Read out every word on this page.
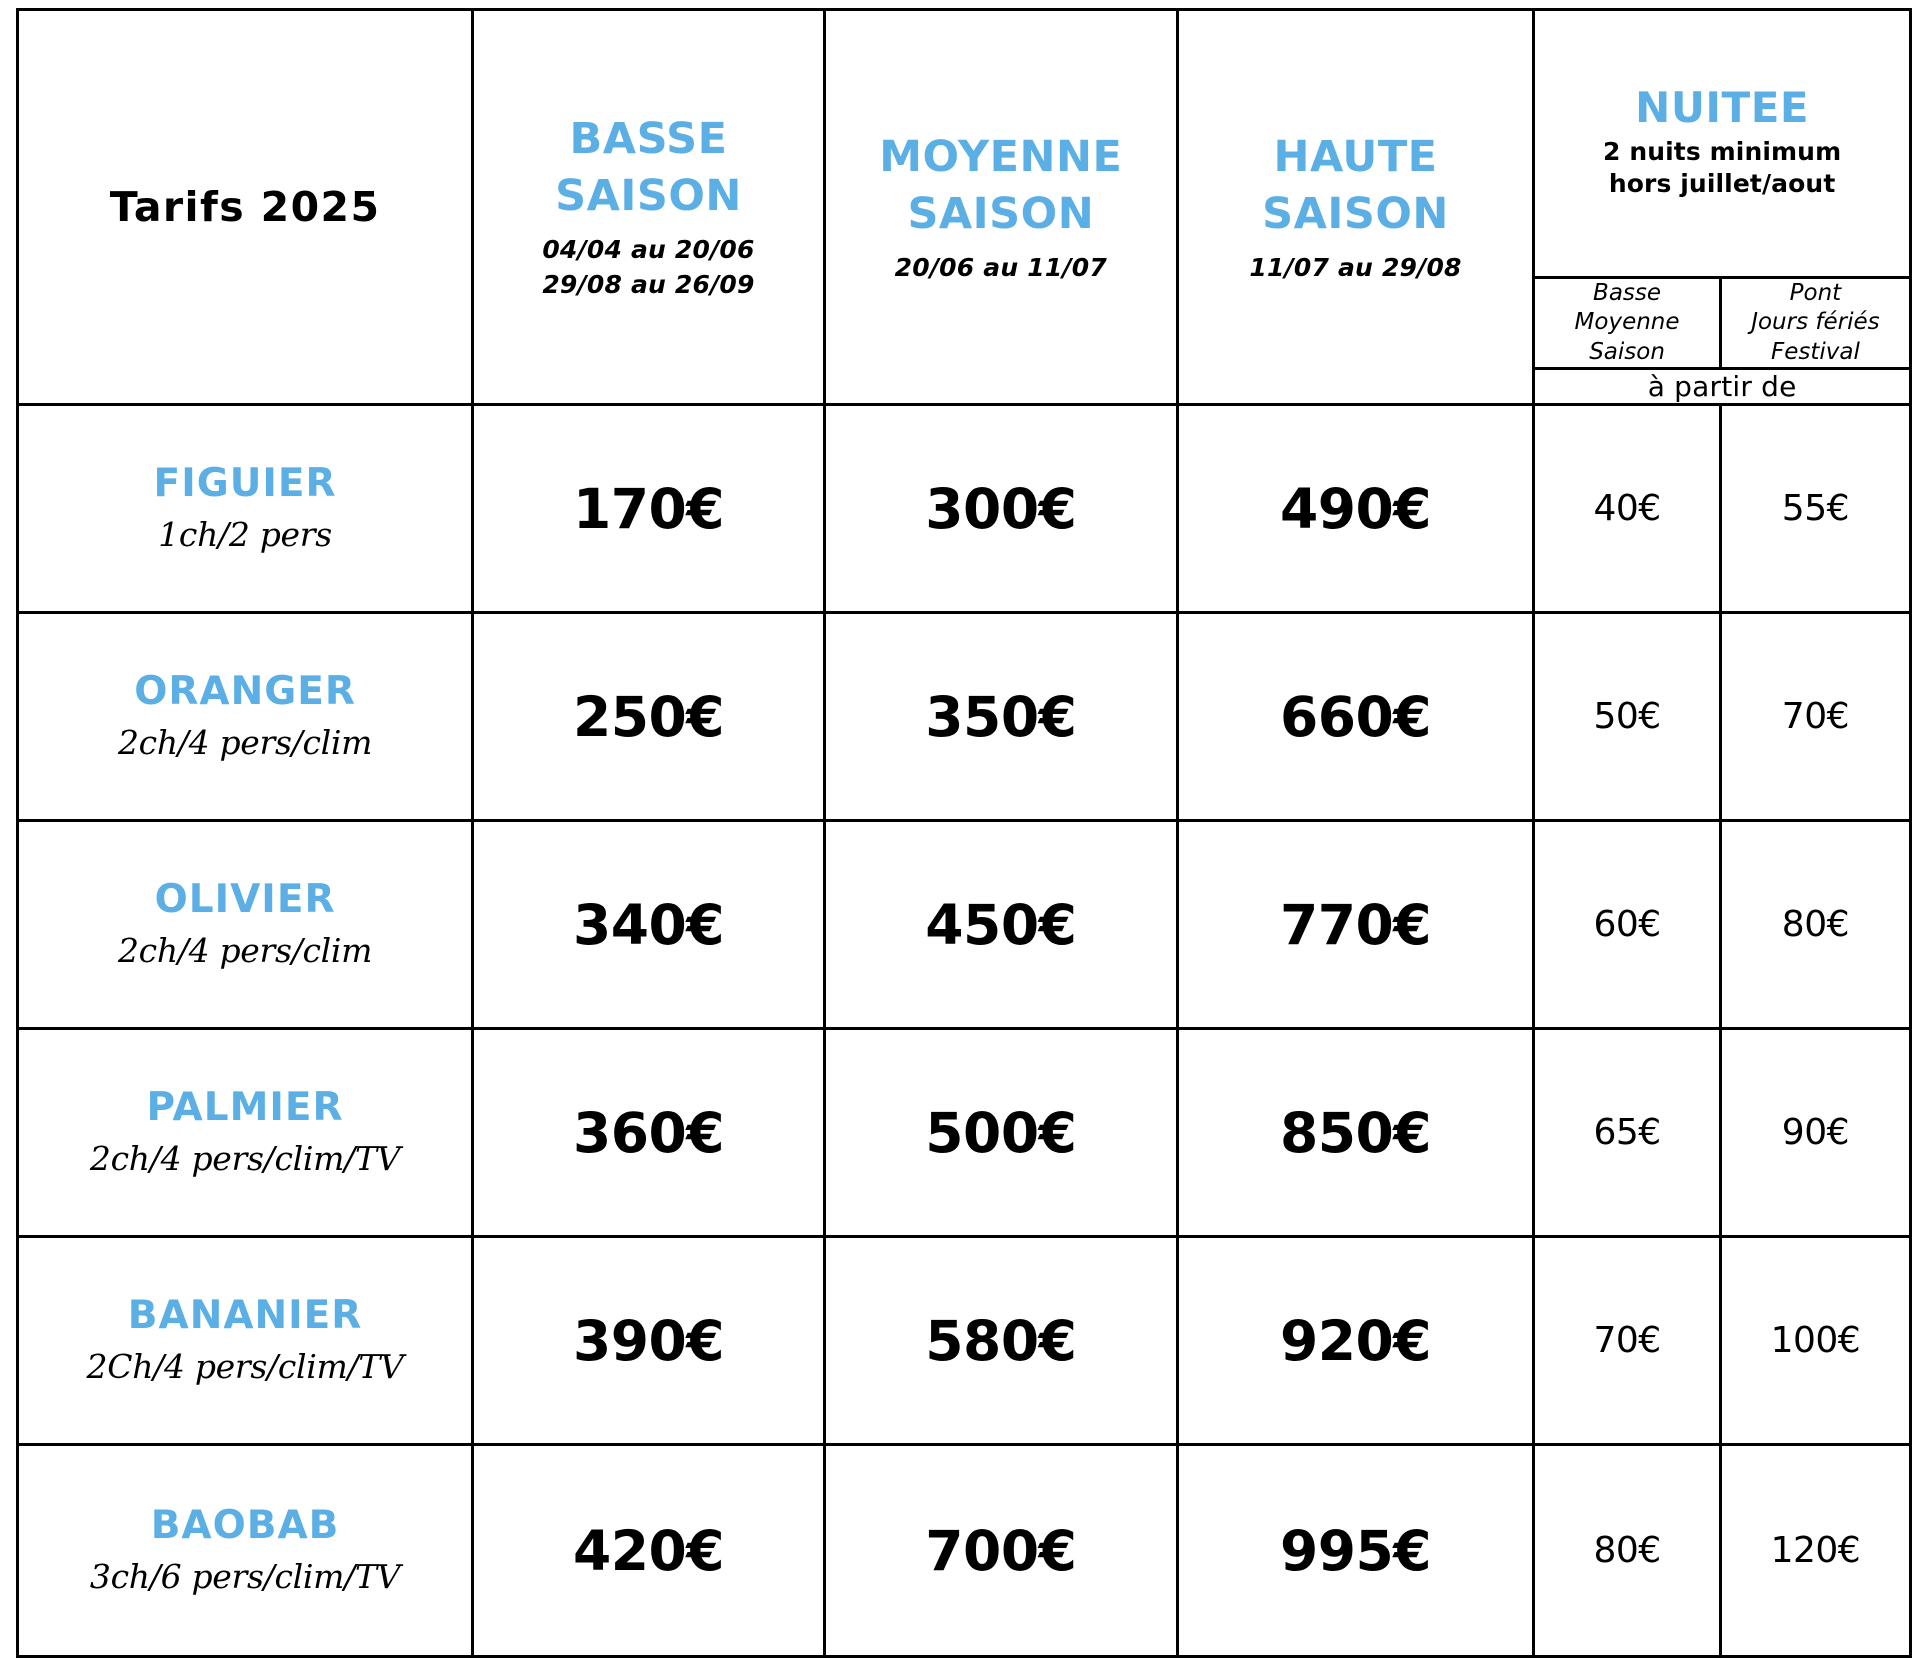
Tarifs 2025

BASSE
SAISON
04/04 au 20/06
29/08 au 26/09

MOYENNE
SAISON
20/06 au 11/07

HAUTE
SAISON
11/07 au 29/08

NUITEE
2 nuits minimum
hors juillet/aout

Basse
Moyenne
Saison

Pont
Jours fériés
Festival

				à partir de	

FIGUIER
1ch/2 pers	170€	300€	490€	40€	55€

ORANGER
2ch/4 pers/clim	250€	350€	660€	50€	70€

OLIVIER
2ch/4 pers/clim	340€	450€	770€	60€	80€

PALMIER
2ch/4 pers/clim/TV	360€	500€	850€	65€	90€

BANANIER
2Ch/4 pers/clim/TV	390€	580€	920€	70€	100€

BAOBAB
3ch/6 pers/clim/TV	420€	700€	995€	80€	120€
